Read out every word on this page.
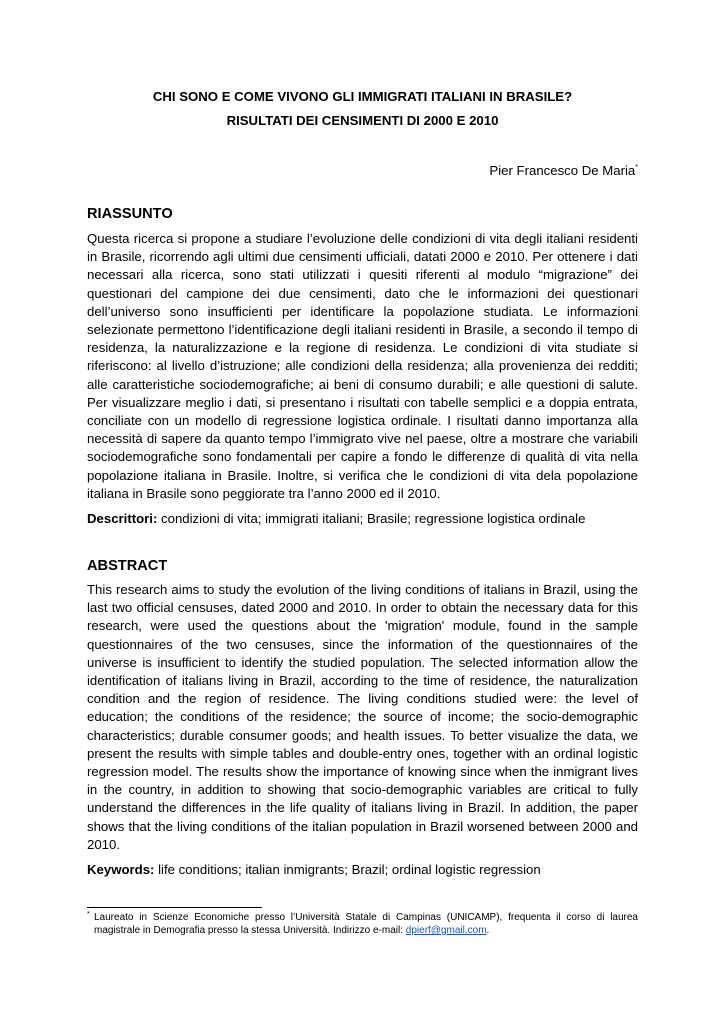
CHI SONO E COME VIVONO GLI IMMIGRATI ITALIANI IN BRASILE?
RISULTATI DEI CENSIMENTI DI 2000 E 2010

Pier Francesco De Maria*

RIASSUNTO

Questa ricerca si propone a studiare l’evoluzione delle condizioni di vita degli italiani residenti in Brasile, ricorrendo agli ultimi due censimenti ufficiali, datati 2000 e 2010. Per ottenere i dati necessari alla ricerca, sono stati utilizzati i quesiti riferenti al modulo “migrazione” dei questionari del campione dei due censimenti, dato che le informazioni dei questionari dell’universo sono insufficienti per identificare la popolazione studiata. Le informazioni selezionate permettono l’identificazione degli italiani residenti in Brasile, a secondo il tempo di residenza, la naturalizzazione e la regione di residenza. Le condizioni di vita studiate si riferiscono: al livello d’istruzione; alle condizioni della residenza; alla provenienza dei redditi; alle caratteristiche sociodemografiche; ai beni di consumo durabili; e alle questioni di salute. Per visualizzare meglio i dati, si presentano i risultati con tabelle semplici e a doppia entrata, conciliate con un modello di regressione logistica ordinale. I risultati danno importanza alla necessità di sapere da quanto tempo l’immigrato vive nel paese, oltre a mostrare che variabili sociodemografiche sono fondamentali per capire a fondo le differenze di qualità di vita nella popolazione italiana in Brasile. Inoltre, si verifica che le condizioni di vita dela popolazione italiana in Brasile sono peggiorate tra l’anno 2000 ed il 2010.

Descrittori: condizioni di vita; immigrati italiani; Brasile; regressione logistica ordinale

ABSTRACT

This research aims to study the evolution of the living conditions of italians in Brazil, using the last two official censuses, dated 2000 and 2010. In order to obtain the necessary data for this research, were used the questions about the 'migration' module, found in the sample questionnaires of the two censuses, since the information of the questionnaires of the universe is insufficient to identify the studied population. The selected information allow the identification of italians living in Brazil, according to the time of residence, the naturalization condition and the region of residence. The living conditions studied were: the level of education; the conditions of the residence; the source of income; the socio-demographic characteristics; durable consumer goods; and health issues. To better visualize the data, we present the results with simple tables and double-entry ones, together with an ordinal logistic regression model. The results show the importance of knowing since when the inmigrant lives in the country, in addition to showing that socio-demographic variables are critical to fully understand the differences in the life quality of italians living in Brazil. In addition, the paper shows that the living conditions of the italian population in Brazil worsened between 2000 and 2010.

Keywords: life conditions; italian inmigrants; Brazil; ordinal logistic regression

* Laureato in Scienze Economiche presso l’Università Statale di Campinas (UNICAMP), frequenta il corso di laurea magistrale in Demografia presso la stessa Università. Indirizzo e-mail: dpierf@gmail.com.
